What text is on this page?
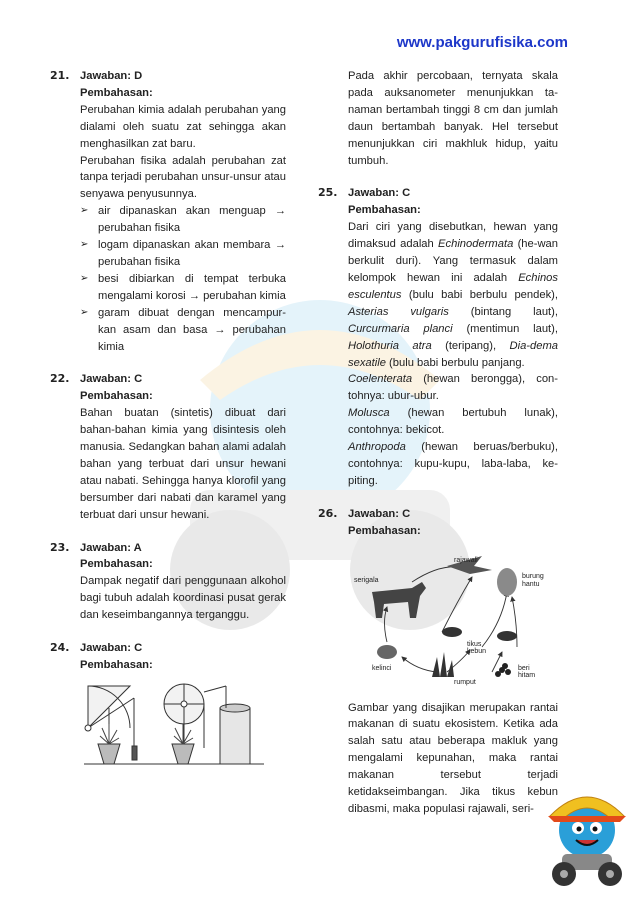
www.pakgurufisika.com
21. Jawaban: D
Pembahasan:
Perubahan kimia adalah perubahan yang dialami oleh suatu zat sehingga akan menghasilkan zat baru.
Perubahan fisika adalah perubahan zat tanpa terjadi perubahan unsur-unsur atau senyawa penyusunnya.
➢ air dipanaskan akan menguap → perubahan fisika
➢ logam dipanaskan akan membara → perubahan fisika
➢ besi dibiarkan di tempat terbuka mengalami korosi → perubahan kimia
➢ garam dibuat dengan mencampur-kan asam dan basa → perubahan kimia
22. Jawaban: C
Pembahasan:
Bahan buatan (sintetis) dibuat dari bahan-bahan kimia yang disintesis oleh manusia. Sedangkan bahan alami adalah bahan yang terbuat dari unsur hewani atau nabati. Sehingga hanya klorofil yang bersumber dari nabati dan karamel yang terbuat dari unsur hewani.
23. Jawaban: A
Pembahasan:
Dampak negatif dari penggunaan alkohol bagi tubuh adalah koordinasi pusat gerak dan keseimbangannya terganggu.
24. Jawaban: C
Pembahasan:
Pada akhir percobaan, ternyata skala pada auksanometer menunjukkan ta-naman bertambah tinggi 8 cm dan jumlah daun bertambah banyak. Hel tersebut menunjukkan ciri makhluk hidup, yaitu tumbuh.
25. Jawaban: C
Pembahasan:
Dari ciri yang disebutkan, hewan yang dimaksud adalah Echinodermata (he-wan berkulit duri). Yang termasuk dalam kelompok hewan ini adalah Echinos esculentus (bulu babi berbulu pendek), Asterias vulgaris (bintang laut), Curcurmaria planci (mentimun laut), Holothuria atra (teripang), Dia-dema sexatile (bulu babi berbulu panjang.
Coelenterata (hewan berongga), con-tohnya: ubur-ubur.
Molusca (hewan bertubuh lunak), contohnya: bekicot.
Anthropoda (hewan beruas/berbuku), contohnya: kupu-kupu, laba-laba, ke-piting.
26. Jawaban: C
Pembahasan:
serigala
rajawali
burung
hantu
tikus
kebun
kelinci
rumput
beri
hitam
Gambar yang disajikan merupakan rantai makanan di suatu ekosistem. Ketika ada salah satu atau beberapa makluk yang mengalami kepunahan, maka rantai makanan tersebut terjadi ketidakseimbangan. Jika tikus kebun dibasmi, maka populasi rajawali, seri-
